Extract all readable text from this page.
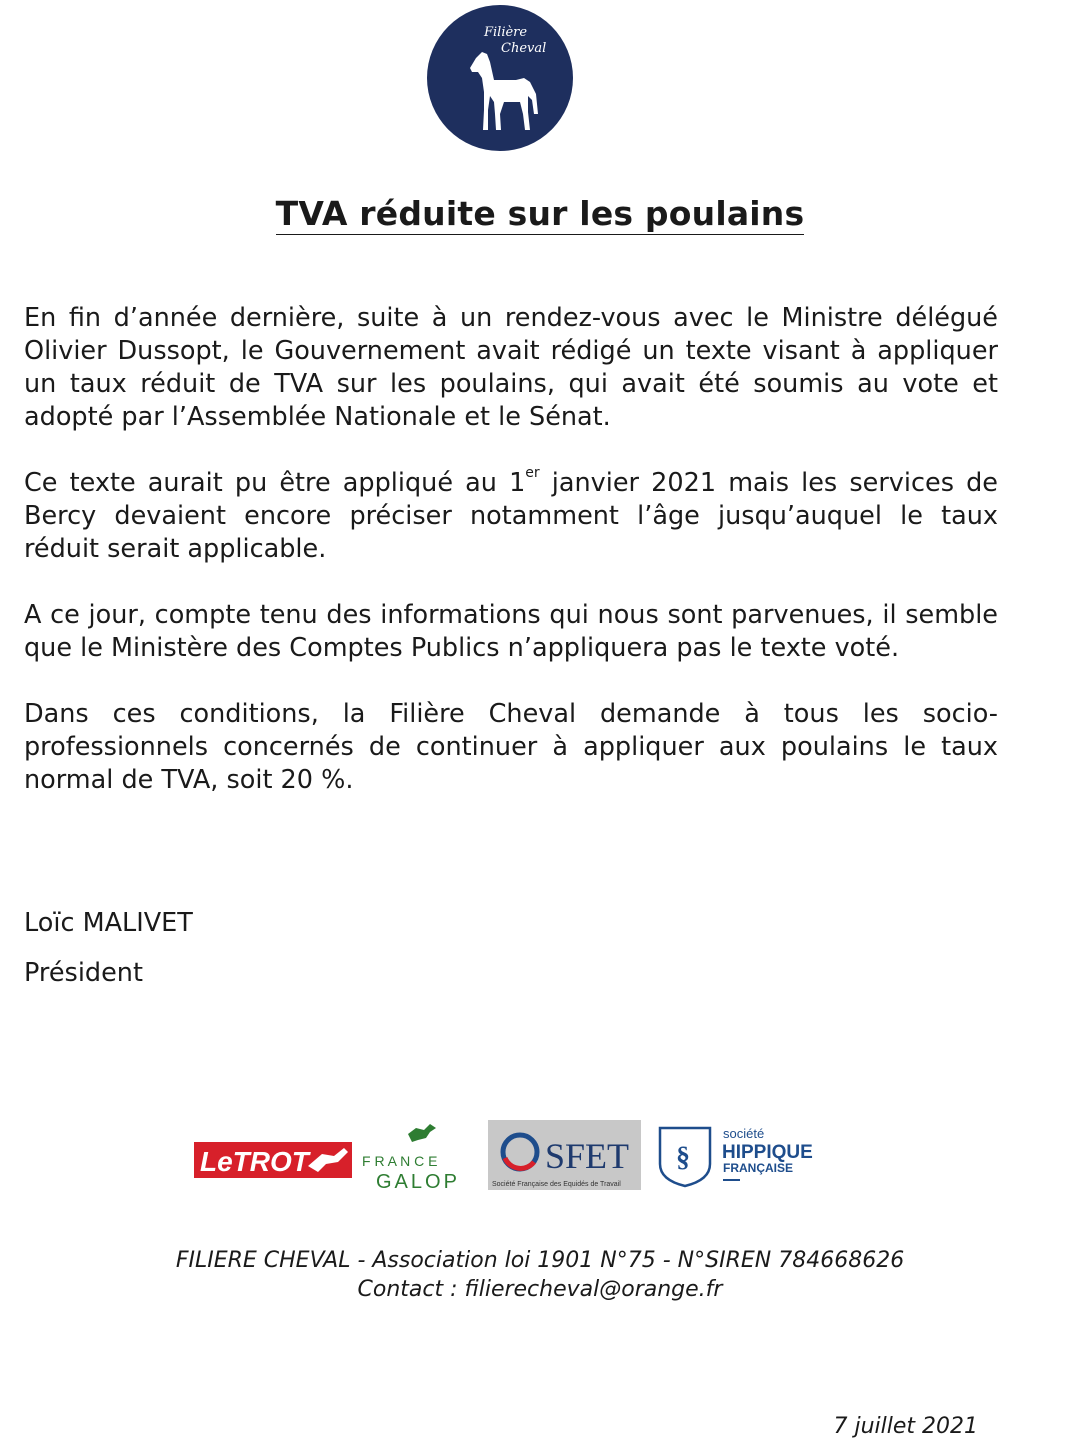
Filière
Cheval
TVA réduite sur les poulains

En fin d’année dernière, suite à un rendez-vous avec le Ministre délégué Olivier Dussopt, le Gouvernement avait rédigé un texte visant à appliquer un taux réduit de TVA sur les poulains, qui avait été soumis au vote et adopté par l’Assemblée Nationale et le Sénat.

Ce texte aurait pu être appliqué au 1er janvier 2021 mais les services de Bercy devaient encore préciser notamment l’âge jusqu’auquel le taux réduit serait applicable.

A ce jour, compte tenu des informations qui nous sont parvenues, il semble que le Ministère des Comptes Publics n’appliquera pas le texte voté.

Dans ces conditions, la Filière Cheval demande à tous les socio-professionnels concernés de continuer à appliquer aux poulains le taux normal de TVA, soit 20 %.

Loïc MALIVET
Président
LeTROT	F R A N C E
GALOP
SFET
Société Française des Equidés de Travail
§
société
HIPPIQUE
FRANÇAISE
FILIERE CHEVAL - Association loi 1901 N°75 - N°SIREN 784668626
Contact : filierecheval@orange.fr
7 juillet 2021
